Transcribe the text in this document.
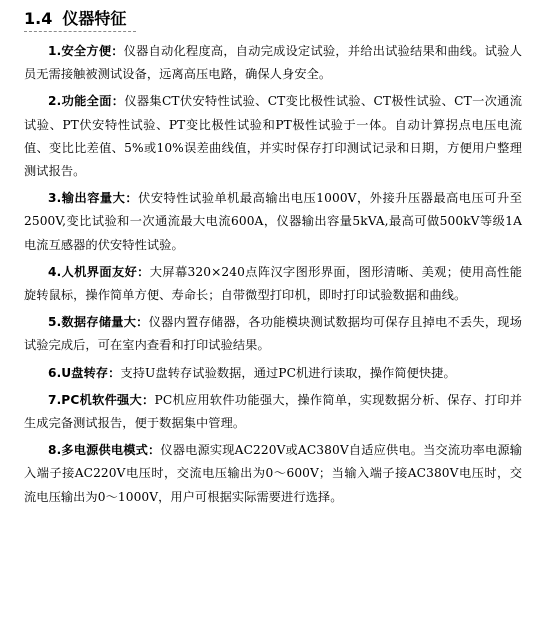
1.4 仪器特征

1.安全方便：仪器自动化程度高，自动完成设定试验，并给出试验结果和曲线。试验人员无需接触被测试设备，远离高压电路，确保人身安全。

2.功能全面：仪器集CT伏安特性试验、CT变比极性试验、CT极性试验、CT一次通流试验、PT伏安特性试验、PT变比极性试验和PT极性试验于一体。自动计算拐点电压电流值、变比比差值、5%或10%误差曲线值，并实时保存打印测试记录和日期，方便用户整理测试报告。

3.输出容量大：伏安特性试验单机最高输出电压1000V，外接升压器最高电压可升至2500V,变比试验和一次通流最大电流600A，仪器输出容量5kVA,最高可做500kV等级1A电流互感器的伏安特性试验。

4.人机界面友好：大屏幕320×240点阵汉字图形界面，图形清晰、美观；使用高性能旋转鼠标，操作简单方便、寿命长；自带微型打印机，即时打印试验数据和曲线。

5.数据存储量大：仪器内置存储器，各功能模块测试数据均可保存且掉电不丢失，现场试验完成后，可在室内查看和打印试验结果。

6.U盘转存：支持U盘转存试验数据，通过PC机进行读取，操作简便快捷。

7.PC机软件强大：PC机应用软件功能强大，操作简单，实现数据分析、保存、打印并生成完备测试报告，便于数据集中管理。

8.多电源供电模式：仪器电源实现AC220V或AC380V自适应供电。当交流功率电源输入端子接AC220V电压时，交流电压输出为0～600V；当输入端子接AC380V电压时，交流电压输出为0～1000V，用户可根据实际需要进行选择。
